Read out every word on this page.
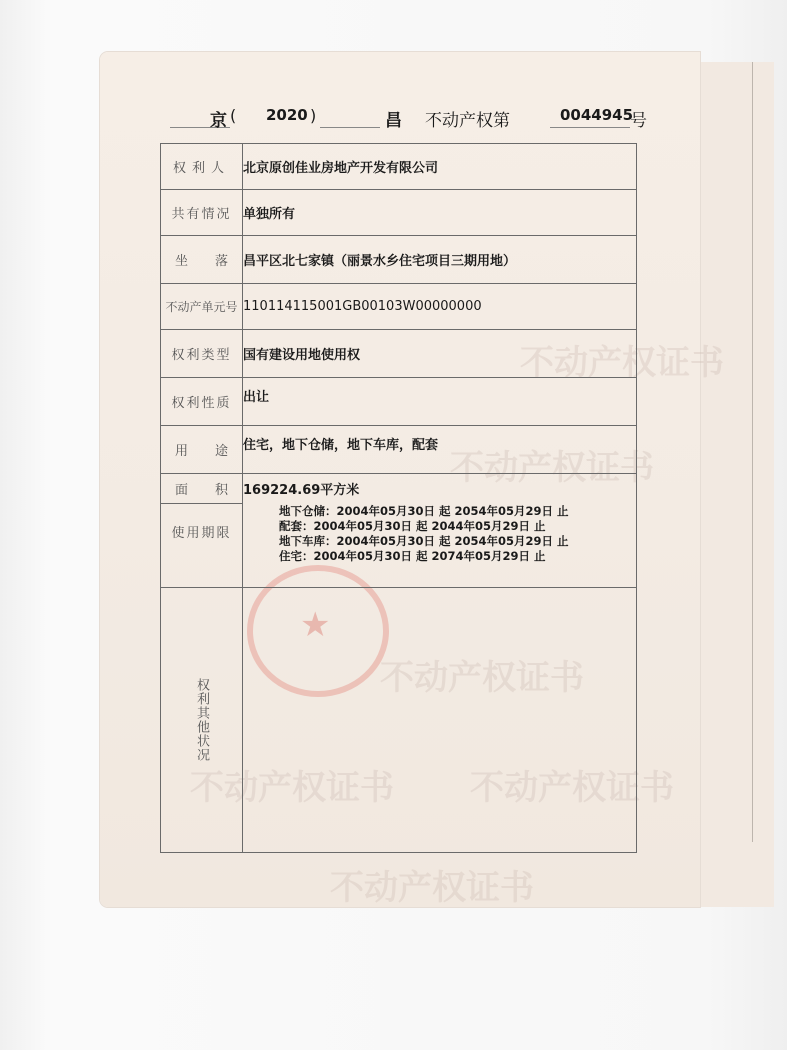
不动产权证书
不动产权证书
不动产权证书
不动产权证书 不动产权证书
不动产权证书
京 ( 2020 )	昌 不动产权第	0044945
号
★
权利人	北京原创佳业房地产开发有限公司
共有情况	单独所有

坐 落	昌平区北七家镇（丽景水乡住宅项目三期用地）
不动产单元号	110114115001GB00103W00000000
权利类型	国有建设用地使用权
权利性质	出让

用 途	住宅，地下仓储，地下车库，配套

面 积	169224.69平方米
使用期限	地下仓储：2004年05月30日 起 2054年05月29日 止
配套：2004年05月30日 起 2044年05月29日 止
地下车库：2004年05月30日 起 2054年05月29日 止
住宅：2004年05月30日 起 2074年05月29日 止

权利其他状况	
